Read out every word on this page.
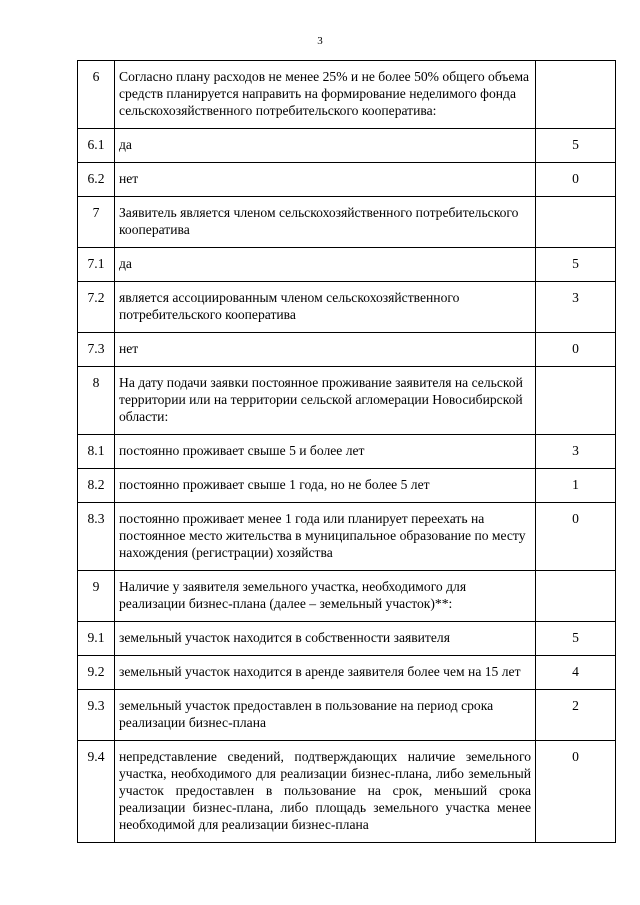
3
6	Согласно плану расходов не менее 25% и не более 50% общего объема средств планируется направить на формирование неделимого фонда сельскохозяйственного потребительского кооператива:	
6.1	да	5
6.2	нет	0
7	Заявитель является членом сельскохозяйственного потребительского кооператива	
7.1	да	5
7.2	является ассоциированным членом сельскохозяйственного потребительского кооператива	3
7.3	нет	0
8	На дату подачи заявки постоянное проживание заявителя на сельской территории или на территории сельской агломерации Новосибирской области:	
8.1	постоянно проживает свыше 5 и более лет	3
8.2	постоянно проживает свыше 1 года, но не более 5 лет	1
8.3	постоянно проживает менее 1 года или планирует переехать на постоянное место жительства в муниципальное образование по месту нахождения (регистрации) хозяйства	0
9	Наличие у заявителя земельного участка, необходимого для реализации бизнес-плана (далее – земельный участок)**:	
9.1	земельный участок находится в собственности заявителя	5
9.2	земельный участок находится в аренде заявителя более чем на 15 лет	4
9.3	земельный участок предоставлен в пользование на период срока реализации бизнес-плана	2
9.4	непредставление сведений, подтверждающих наличие земельного участка, необходимого для реализации бизнес-плана, либо земельный участок предоставлен в пользование на срок, меньший срока реализации бизнес-плана, либо площадь земельного участка менее необходимой для реализации бизнес-плана	0
